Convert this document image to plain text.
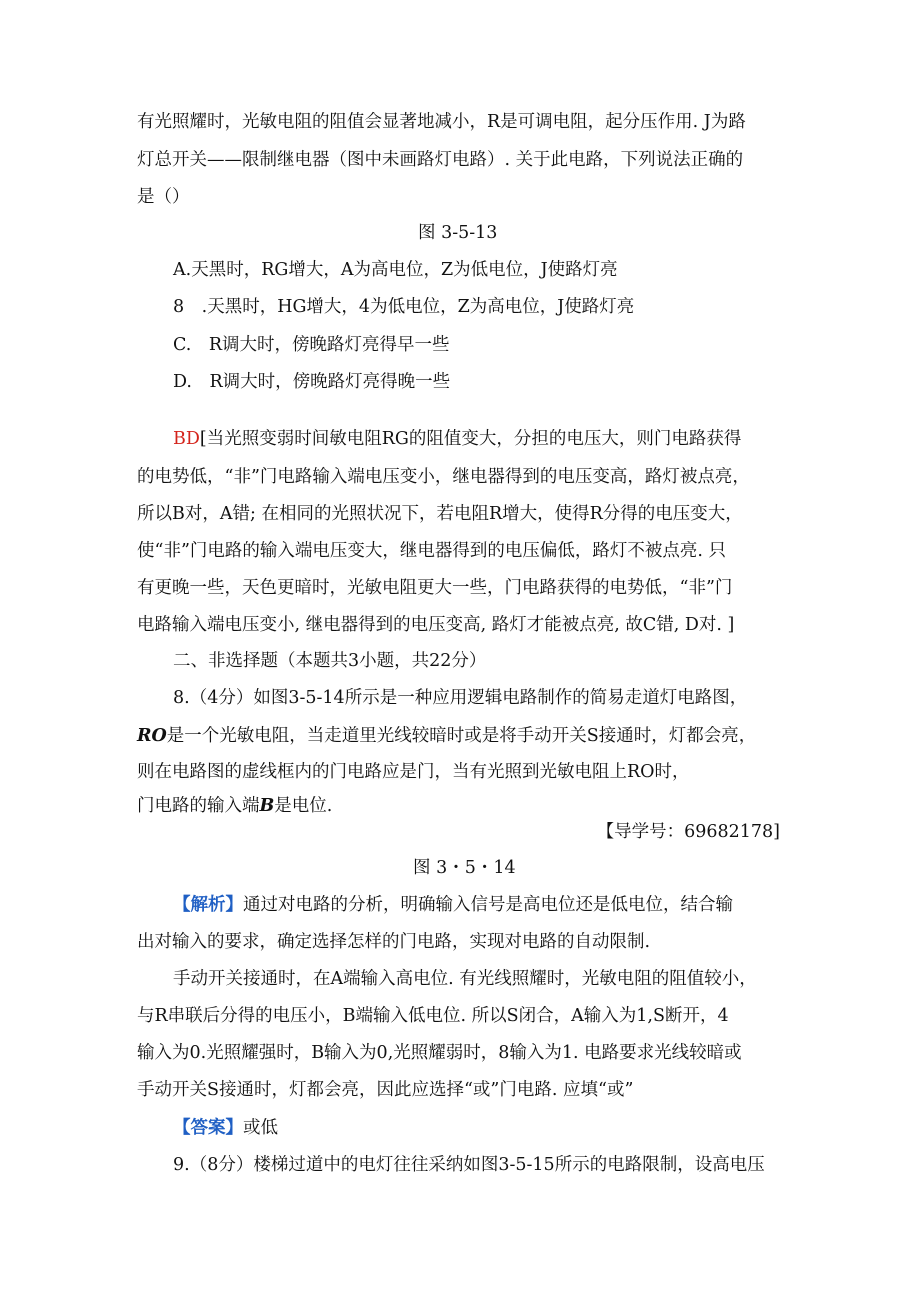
有光照耀时，光敏电阻的阻值会显著地减小，R是可调电阻，起分压作用. J为路
灯总开关——限制继电器（图中未画路灯电路）. 关于此电路，下列说法正确的
是（）
图 3-5-13
A.天黑时，RG增大，A为高电位，Z为低电位，J使路灯亮
8　.天黑时，HG增大，4为低电位，Z为高电位，J使路灯亮
C.　R调大时，傍晚路灯亮得早一些
D.　R调大时，傍晚路灯亮得晚一些
BD[当光照变弱时间敏电阻RG的阻值变大，分担的电压大，则门电路获得
的电势低，“非”门电路输入端电压变小，继电器得到的电压变高，路灯被点亮，
所以B对，A错; 在相同的光照状况下，若电阻R增大，使得R分得的电压变大，
使“非”门电路的输入端电压变大，继电器得到的电压偏低，路灯不被点亮. 只
有更晚一些，天色更暗时，光敏电阻更大一些，门电路获得的电势低，“非”门
电路输入端电压变小, 继电器得到的电压变高, 路灯才能被点亮, 故C错, D对. ]
二、非选择题（本题共3小题，共22分）
8.（4分）如图3-5-14所示是一种应用逻辑电路制作的简易走道灯电路图，
RO是一个光敏电阻，当走道里光线较暗时或是将手动开关S接通时，灯都会亮，
则在电路图的虚线框内的门电路应是门，当有光照到光敏电阻上RO时，
门电路的输入端B是电位.
【导学号：69682178]
图 3・5・14
【解析】通过对电路的分析，明确输入信号是高电位还是低电位，结合输
出对输入的要求，确定选择怎样的门电路，实现对电路的自动限制.
手动开关接通时，在A端输入高电位. 有光线照耀时，光敏电阻的阻值较小，
与R串联后分得的电压小，B端输入低电位. 所以S闭合，A输入为1,S断开，4
输入为0.光照耀强时，B输入为0,光照耀弱时，8输入为1. 电路要求光线较暗或
手动开关S接通时，灯都会亮，因此应选择“或”门电路. 应填“或”
【答案】或低
9.（8分）楼梯过道中的电灯往往采纳如图3-5-15所示的电路限制，设高电压
